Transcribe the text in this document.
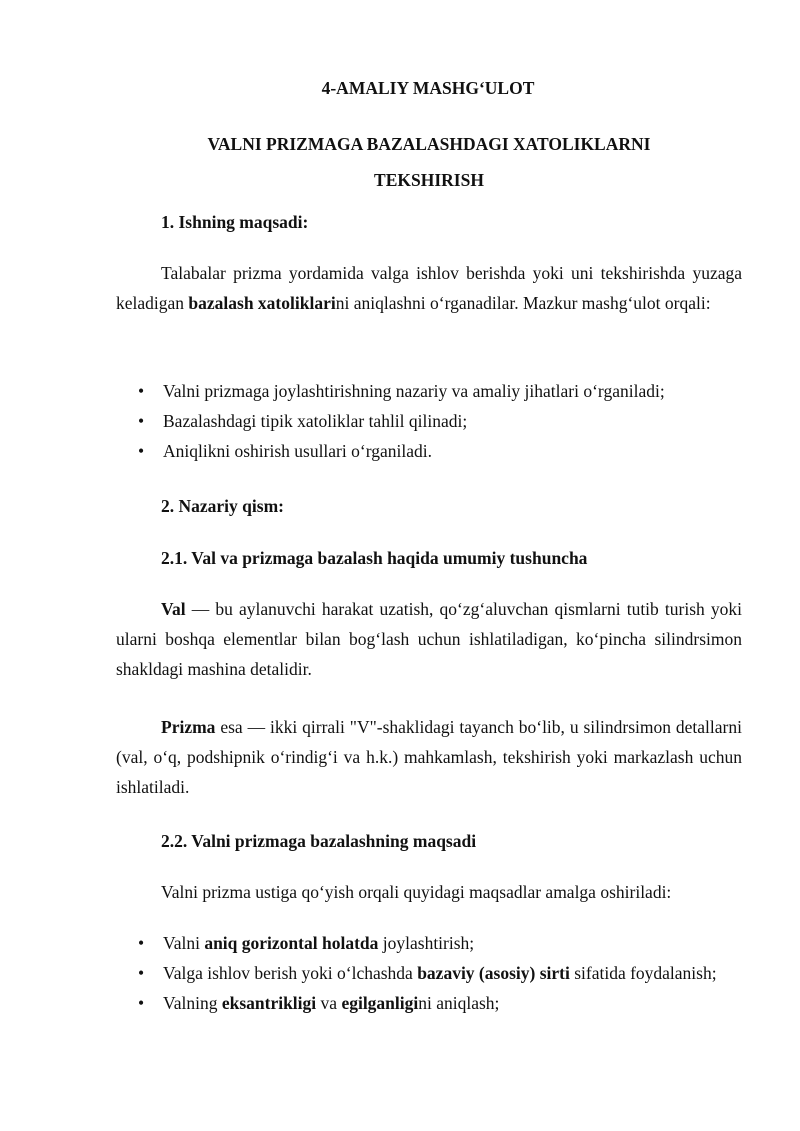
4-AMALIY MASHG‘ULOT

VALNI PRIZMAGA BAZALASHDAGI XATOLIKLARNI TEKSHIRISH

1. Ishning maqsadi:

Talabalar prizma yordamida valga ishlov berishda yoki uni tekshirishda yuzaga keladigan bazalash xatoliklarini aniqlashni o‘rganadilar. Mazkur mashg‘ulot orqali:

• Valni prizmaga joylashtirishning nazariy va amaliy jihatlari o‘rganiladi;
• Bazalashdagi tipik xatoliklar tahlil qilinadi;
• Aniqlikni oshirish usullari o‘rganiladi.

2. Nazariy qism:

2.1. Val va prizmaga bazalash haqida umumiy tushuncha

Val — bu aylanuvchi harakat uzatish, qo‘zg‘aluvchan qismlarni tutib turish yoki ularni boshqa elementlar bilan bog‘lash uchun ishlatiladigan, ko‘pincha silindrsimon shakldagi mashina detalidir.

Prizma esa — ikki qirrali "V"-shaklidagi tayanch bo‘lib, u silindrsimon detallarni (val, o‘q, podshipnik o‘rindig‘i va h.k.) mahkamlash, tekshirish yoki markazlash uchun ishlatiladi.

2.2. Valni prizmaga bazalashning maqsadi

Valni prizma ustiga qo‘yish orqali quyidagi maqsadlar amalga oshiriladi:

• Valni aniq gorizontal holatda joylashtirish;
• Valga ishlov berish yoki o‘lchashda bazaviy (asosiy) sirti sifatida foydalanish;
• Valning eksantrikligi va egilganligini aniqlash;
